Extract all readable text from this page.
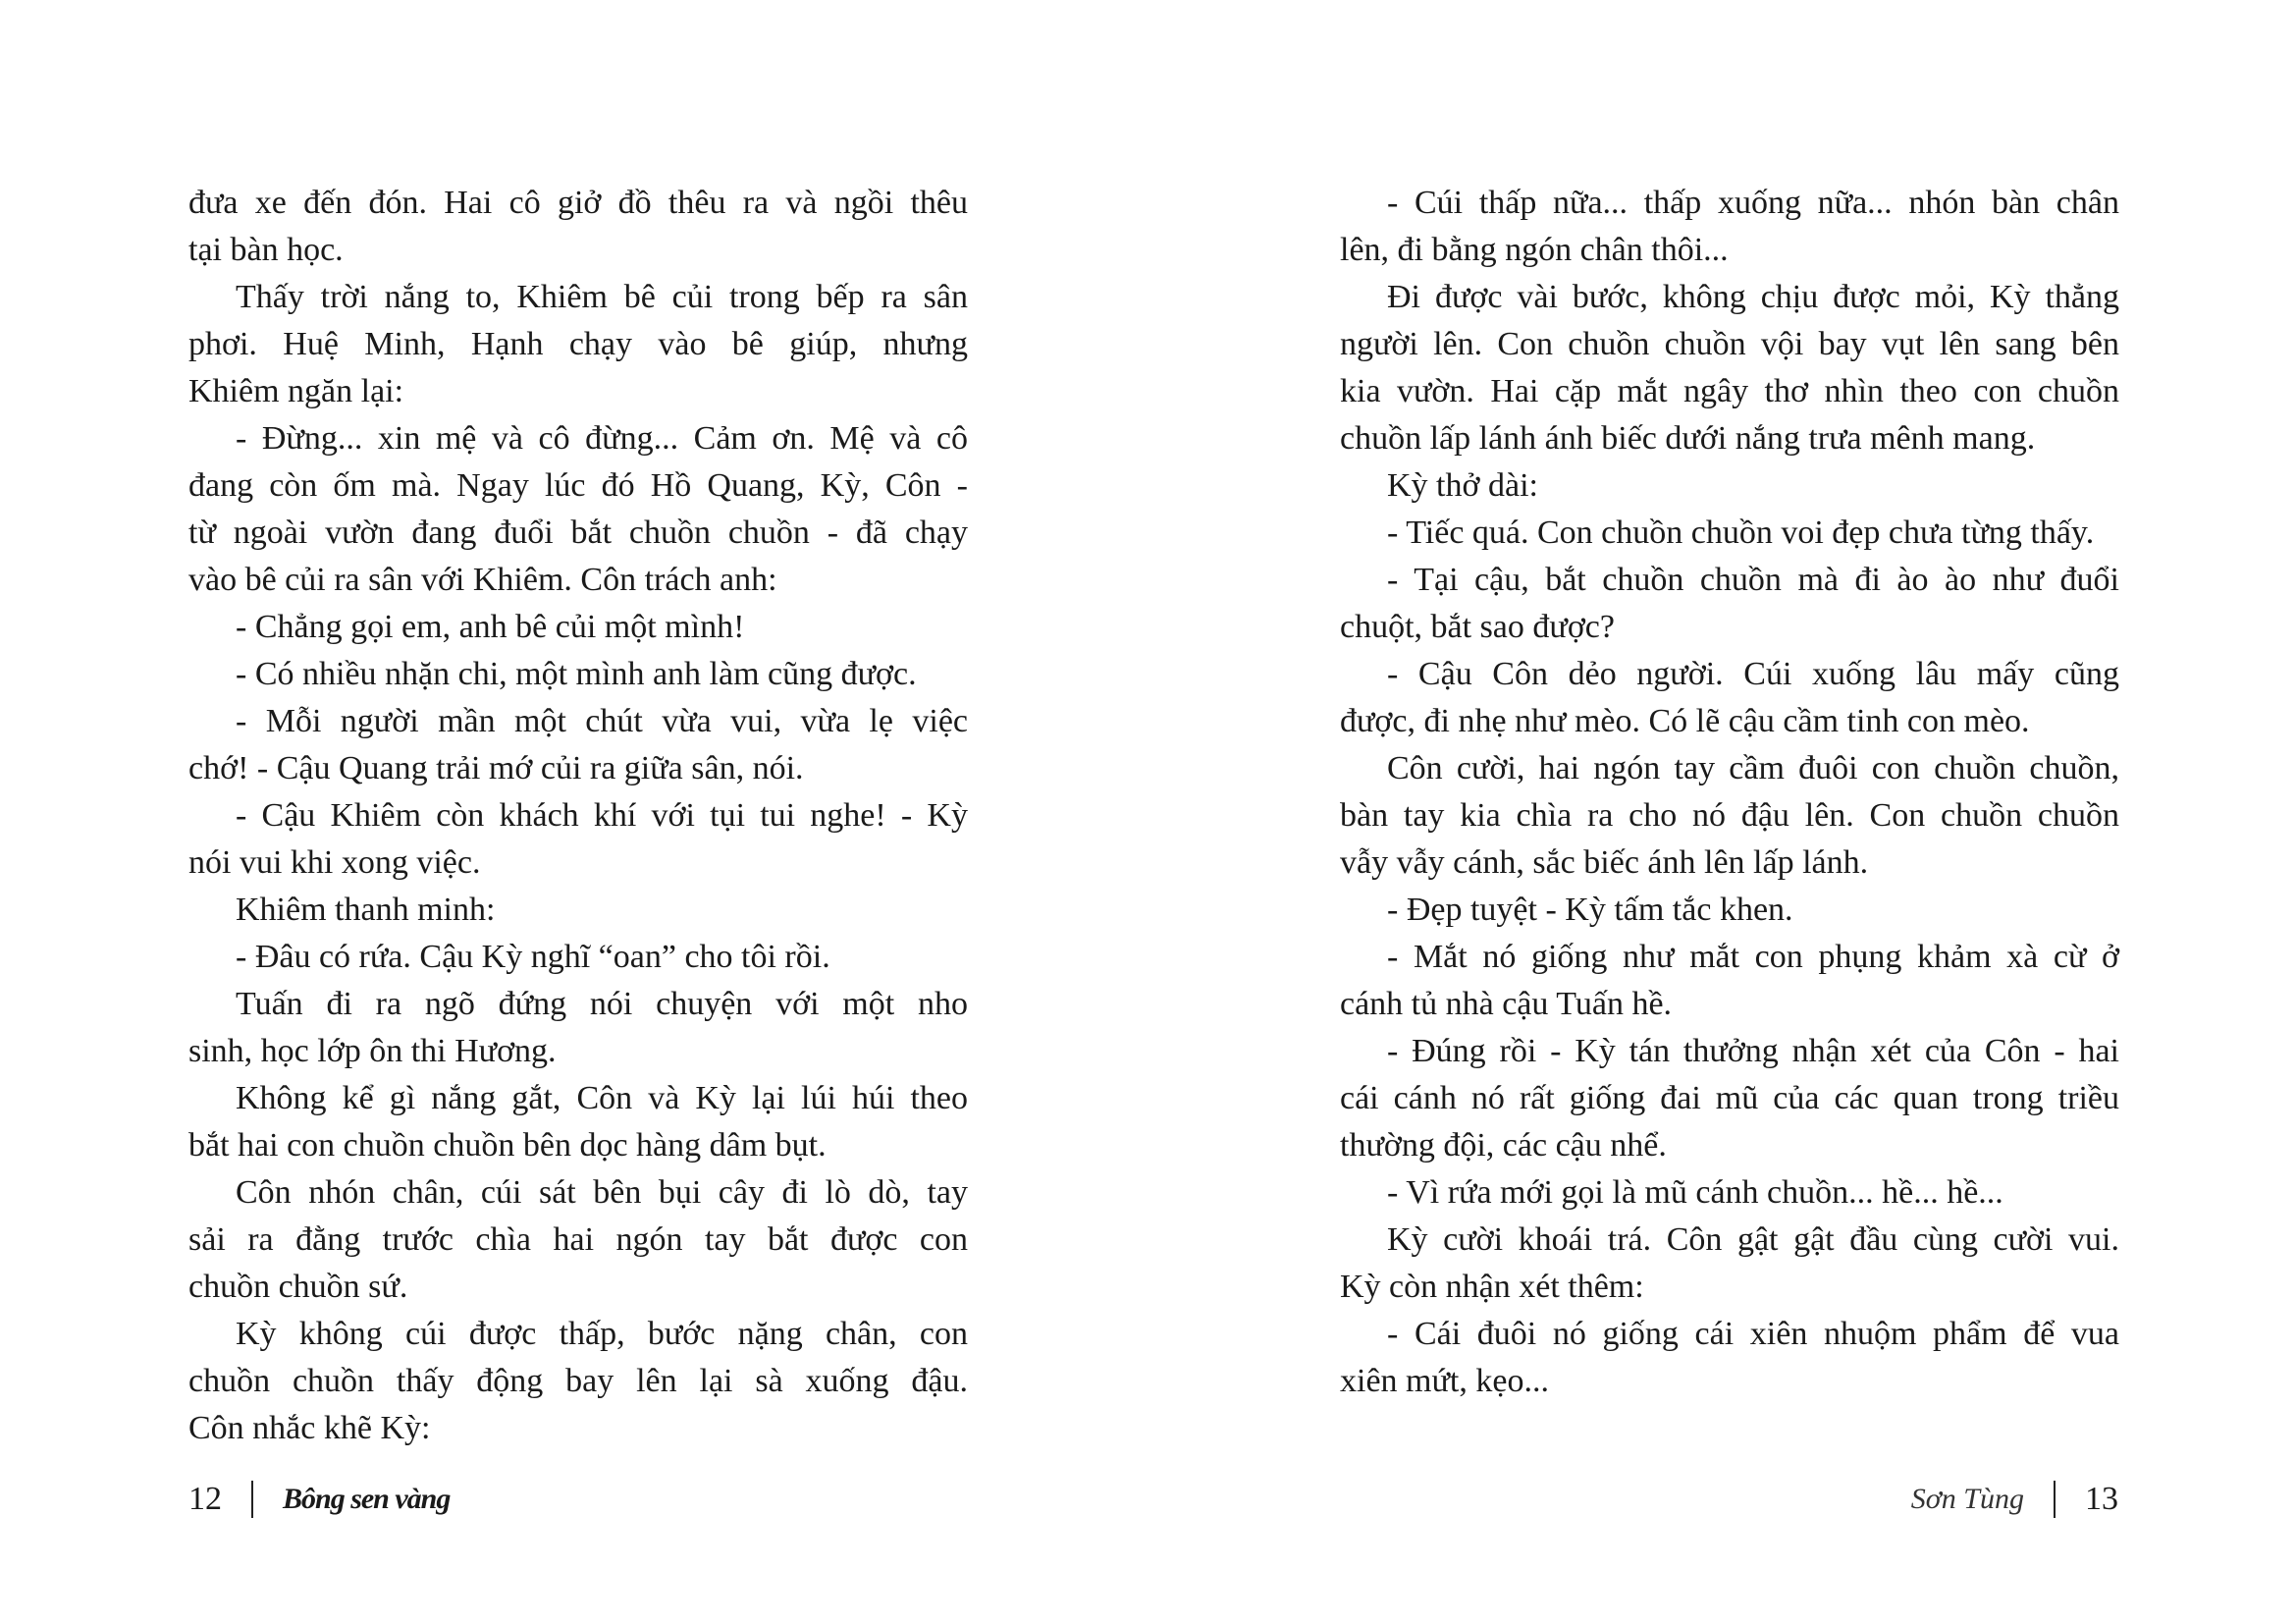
đưa xe đến đón. Hai cô giở đồ thêu ra và ngồi thêu
tại bàn học.
Thấy trời nắng to, Khiêm bê củi trong bếp ra sân
phơi. Huệ Minh, Hạnh chạy vào bê giúp, nhưng
Khiêm ngăn lại:
- Đừng... xin mệ và cô đừng... Cảm ơn. Mệ và cô
đang còn ốm mà. Ngay lúc đó Hồ Quang, Kỳ, Côn -
từ ngoài vườn đang đuổi bắt chuồn chuồn - đã chạy
vào bê củi ra sân với Khiêm. Côn trách anh:
- Chẳng gọi em, anh bê củi một mình!
- Có nhiều nhặn chi, một mình anh làm cũng được.
- Mỗi người mần một chút vừa vui, vừa lẹ việc
chớ! - Cậu Quang trải mớ củi ra giữa sân, nói.
- Cậu Khiêm còn khách khí với tụi tui nghe! - Kỳ
nói vui khi xong việc.
Khiêm thanh minh:
- Đâu có rứa. Cậu Kỳ nghĩ “oan” cho tôi rồi.
Tuấn đi ra ngõ đứng nói chuyện với một nho
sinh, học lớp ôn thi Hương.
Không kể gì nắng gắt, Côn và Kỳ lại lúi húi theo
bắt hai con chuồn chuồn bên dọc hàng dâm bụt.
Côn nhón chân, cúi sát bên bụi cây đi lò dò, tay
sải ra đằng trước chìa hai ngón tay bắt được con
chuồn chuồn sứ.
Kỳ không cúi được thấp, bước nặng chân, con
chuồn chuồn thấy động bay lên lại sà xuống đậu.
Côn nhắc khẽ Kỳ:
- Cúi thấp nữa... thấp xuống nữa... nhón bàn chân
lên, đi bằng ngón chân thôi...
Đi được vài bước, không chịu được mỏi, Kỳ thẳng
người lên. Con chuồn chuồn vội bay vụt lên sang bên
kia vườn. Hai cặp mắt ngây thơ nhìn theo con chuồn
chuồn lấp lánh ánh biếc dưới nắng trưa mênh mang.
Kỳ thở dài:
- Tiếc quá. Con chuồn chuồn voi đẹp chưa từng thấy.
- Tại cậu, bắt chuồn chuồn mà đi ào ào như đuổi
chuột, bắt sao được?
- Cậu Côn dẻo người. Cúi xuống lâu mấy cũng
được, đi nhẹ như mèo. Có lẽ cậu cầm tinh con mèo.
Côn cười, hai ngón tay cầm đuôi con chuồn chuồn,
bàn tay kia chìa ra cho nó đậu lên. Con chuồn chuồn
vẫy vẫy cánh, sắc biếc ánh lên lấp lánh.
- Đẹp tuyệt - Kỳ tấm tắc khen.
- Mắt nó giống như mắt con phụng khảm xà cừ ở
cánh tủ nhà cậu Tuấn hề.
- Đúng rồi - Kỳ tán thưởng nhận xét của Côn - hai
cái cánh nó rất giống đai mũ của các quan trong triều
thường đội, các cậu nhể.
- Vì rứa mới gọi là mũ cánh chuồn... hề... hề...
Kỳ cười khoái trá. Côn gật gật đầu cùng cười vui.
Kỳ còn nhận xét thêm:
- Cái đuôi nó giống cái xiên nhuộm phẩm để vua
xiên mứt, kẹo...
12 Bông sen vàng	Sơn Tùng 13
